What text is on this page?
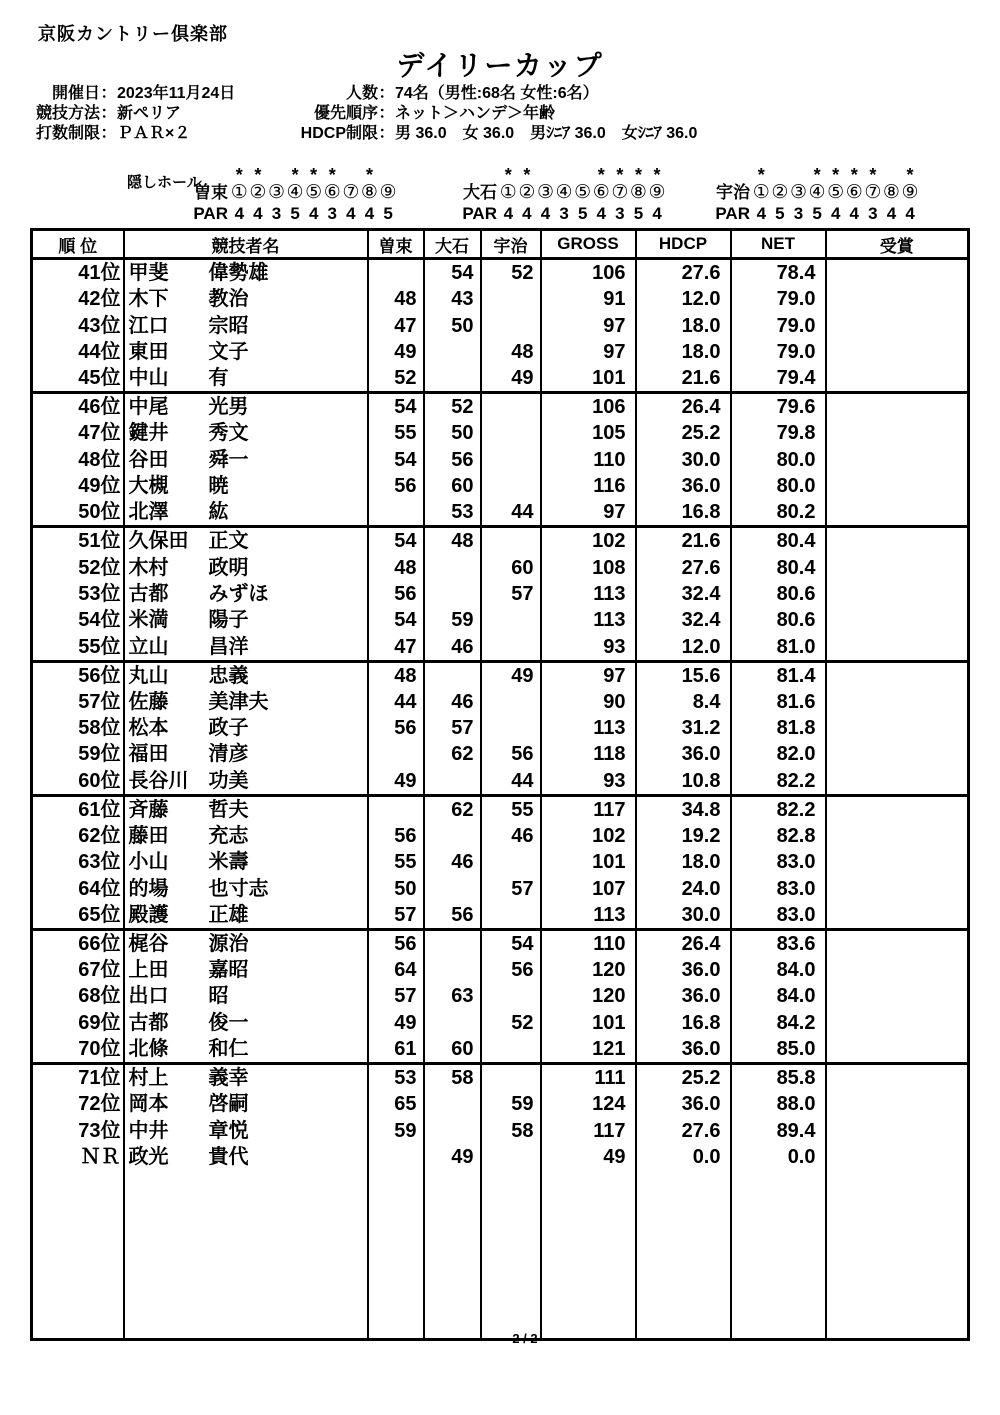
京阪カントリー倶楽部
デイリーカップ
開催日 ： 2023年11月24日
競技方法 ： 新ペリア
打数制限 ： ＰＡＲ×２
人数 ： 74名（男性:68名 女性:6名）
優先順序 ： ネット＞ハンデ＞年齢
HDCP制限 ： 男 36.0　女 36.0　男ｼﾆｱ 36.0　女ｼﾆｱ 36.0
隠しホール	* *	* * *	*
曽束 ① ② ③ ④ ⑤ ⑥ ⑦ ⑧ ⑨
PAR 4 4 3 5 4 3 4 4 5
* *	* * * *
大石 ① ② ③ ④ ⑤ ⑥ ⑦ ⑧ ⑨
PAR 4 4 4 3 5 4 3 5 4
*	* * * *	*
宇治 ① ② ③ ④ ⑤ ⑥ ⑦ ⑧ ⑨
PAR 4 5 3 5 4 4 3 4 4
順 位	競技者名	曽束	大石	宇治	GROSS	HDCP	NET	受賞
41位	甲斐　　偉勢雄		54	52	106	27.6	78.4	
42位	木下　　教治	48	43		91	12.0	79.0	
43位	江口　　宗昭	47	50		97	18.0	79.0	
44位	東田　　文子	49		48	97	18.0	79.0	
45位	中山　　有	52		49	101	21.6	79.4	
46位	中尾　　光男	54	52		106	26.4	79.6	
47位	鍵井　　秀文	55	50		105	25.2	79.8	
48位	谷田　　舜一	54	56		110	30.0	80.0	
49位	大槻　　暁	56	60		116	36.0	80.0	
50位	北澤　　紘		53	44	97	16.8	80.2	
51位	久保田　正文	54	48		102	21.6	80.4	
52位	木村　　政明	48		60	108	27.6	80.4	
53位	古都　　みずほ	56		57	113	32.4	80.6	
54位	米満　　陽子	54	59		113	32.4	80.6	
55位	立山　　昌洋	47	46		93	12.0	81.0	
56位	丸山　　忠義	48		49	97	15.6	81.4	
57位	佐藤　　美津夫	44	46		90	8.4	81.6	
58位	松本　　政子	56	57		113	31.2	81.8	
59位	福田　　清彦		62	56	118	36.0	82.0	
60位	長谷川　功美	49		44	93	10.8	82.2	
61位	斉藤　　哲夫		62	55	117	34.8	82.2	
62位	藤田　　充志	56		46	102	19.2	82.8	
63位	小山　　米壽	55	46		101	18.0	83.0	
64位	的場　　也寸志	50		57	107	24.0	83.0	
65位	殿護　　正雄	57	56		113	30.0	83.0	
66位	梶谷　　源治	56		54	110	26.4	83.6	
67位	上田　　嘉昭	64		56	120	36.0	84.0	
68位	出口　　昭	57	63		120	36.0	84.0	
69位	古都　　俊一	49		52	101	16.8	84.2	
70位	北條　　和仁	61	60		121	36.0	85.0	
71位	村上　　義幸	53	58		111	25.2	85.8	
72位	岡本　　啓嗣	65		59	124	36.0	88.0	
73位	中井　　章悦	59		58	117	27.6	89.4	
ＮＲ	政光　　貴代		49		49	0.0	0.0	

2 / 2
